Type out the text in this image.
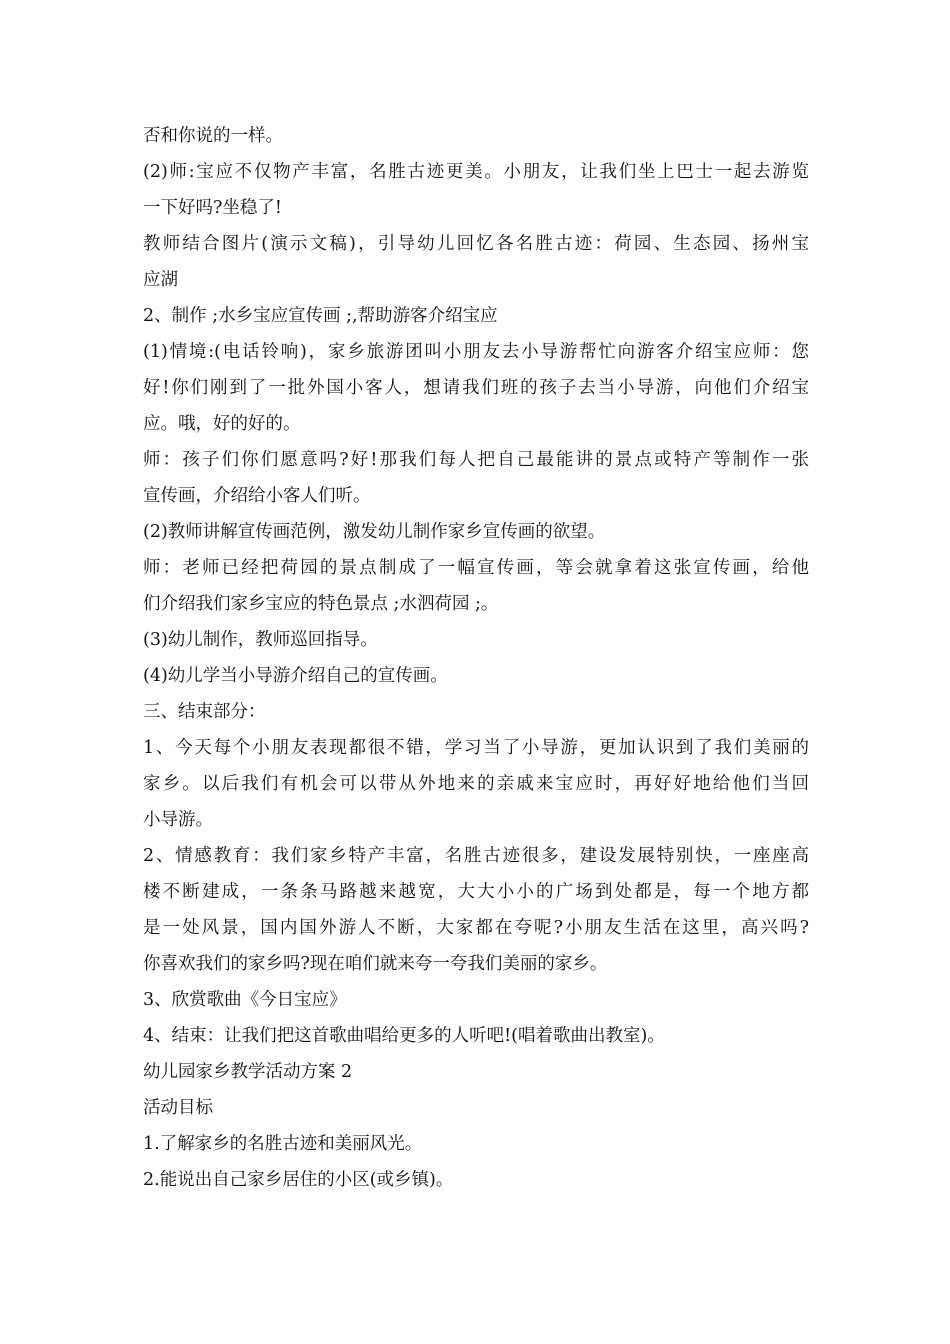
否和你说的一样。
(2)师:宝应不仅物产丰富，名胜古迹更美。小朋友，让我们坐上巴士一起去游览
一下好吗?坐稳了!
教师结合图片(演示文稿)，引导幼儿回忆各名胜古迹：荷园、生态园、扬州宝
应湖
2、制作 ;水乡宝应宣传画 ;,帮助游客介绍宝应
(1)情境:(电话铃响)，家乡旅游团叫小朋友去小导游帮忙向游客介绍宝应师：您
好!你们刚到了一批外国小客人，想请我们班的孩子去当小导游，向他们介绍宝
应。哦，好的好的。
师：孩子们你们愿意吗?好!那我们每人把自己最能讲的景点或特产等制作一张
宣传画，介绍给小客人们听。
(2)教师讲解宣传画范例，激发幼儿制作家乡宣传画的欲望。
师：老师已经把荷园的景点制成了一幅宣传画，等会就拿着这张宣传画，给他
们介绍我们家乡宝应的特色景点 ;水泗荷园 ;。
(3)幼儿制作，教师巡回指导。
(4)幼儿学当小导游介绍自己的宣传画。
三、结束部分：
1、今天每个小朋友表现都很不错，学习当了小导游，更加认识到了我们美丽的
家乡。以后我们有机会可以带从外地来的亲戚来宝应时，再好好地给他们当回
小导游。
2、情感教育：我们家乡特产丰富，名胜古迹很多，建设发展特别快，一座座高
楼不断建成，一条条马路越来越宽，大大小小的广场到处都是，每一个地方都
是一处风景，国内国外游人不断，大家都在夸呢?小朋友生活在这里，高兴吗?
你喜欢我们的家乡吗?现在咱们就来夸一夸我们美丽的家乡。
3、欣赏歌曲《今日宝应》
4、结束：让我们把这首歌曲唱给更多的人听吧!(唱着歌曲出教室)。
幼儿园家乡教学活动方案 2
活动目标
1.了解家乡的名胜古迹和美丽风光。
2.能说出自己家乡居住的小区(或乡镇)。
